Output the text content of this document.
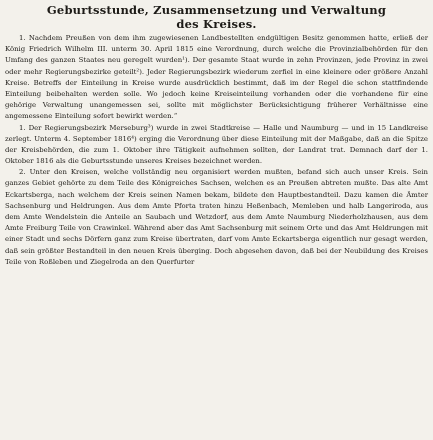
Geburtsstunde, Zusammensetzung und Verwaltung
des Kreises.

1. Nachdem Preußen von dem ihm zugewiesenen Landbestellten endgültigen Besitz genommen hatte, erließ der König Friedrich Wilhelm III. unterm 30. April 1815 eine Verordnung, durch welche die Provinzialbehörden für den Umfang des ganzen Staates neu geregelt wurden¹). Der gesamte Staat wurde in zehn Provinzen, jede Provinz in zwei oder mehr Regierungsbezirke geteilt²). Jeder Regierungsbezirk wiederum zerfiel in eine kleinere oder größere Anzahl Kreise. Betreffs der Einteilung in Kreise wurde ausdrücklich bestimmt, daß im der Regel die schon stattfindende Einteilung beibehalten werden solle. Wo jedoch keine Kreiseinteilung vorhanden oder die vorhandene für eine gehörige Verwaltung unangemessen sei, sollte mit möglichster Berücksichtigung früherer Verhältnisse eine angemessene Einteilung sofort bewirkt werden.“

1. Der Regierungsbezirk Merseburg³) wurde in zwei Stadtkreise — Halle und Naumburg — und in 15 Landkreise zerlegt. Unterm 4. September 1816⁴) erging die Verordnung über diese Einteilung mit der Maßgabe, daß an die Spitze der Kreisbehörden, die zum 1. Oktober ihre Tätigkeit aufnehmen sollten, der Landrat trat. Demnach darf der 1. Oktober 1816 als die Geburtsstunde unseres Kreises bezeichnet werden.

2. Unter den Kreisen, welche vollständig neu organisiert werden mußten, befand sich auch unser Kreis. Sein ganzes Gebiet gehörte zu dem Teile des Königreiches Sachsen, welchen es an Preußen abtreten mußte. Das alte Amt Eckartsberga, nach welchem der Kreis seinen Namen bekam, bildete den Hauptbestandteil. Dazu kamen die Ämter Sachsenburg und Heldrungen. Aus dem Amte Pforta traten hinzu Heßenbach, Memleben und halb Langeriroda, aus dem Amte Wendelstein die Anteile an Saubach und Wetzdorf, aus dem Amte Naumburg Niederholzhausen, aus dem Amte Freiburg Teile von Crawinkel. Während aber das Amt Sachsenburg mit seinem Orte und das Amt Heldrungen mit einer Stadt und sechs Dörfern ganz zum Kreise übertraten, darf vom Amte Eckartsberga eigentlich nur gesagt werden, daß sein größter Bestandteil in den neuen Kreis überging. Doch abgesehen davon, daß bei der Neubildung des Kreises Teile von Roßleben und Ziegelroda an den Querfurter
